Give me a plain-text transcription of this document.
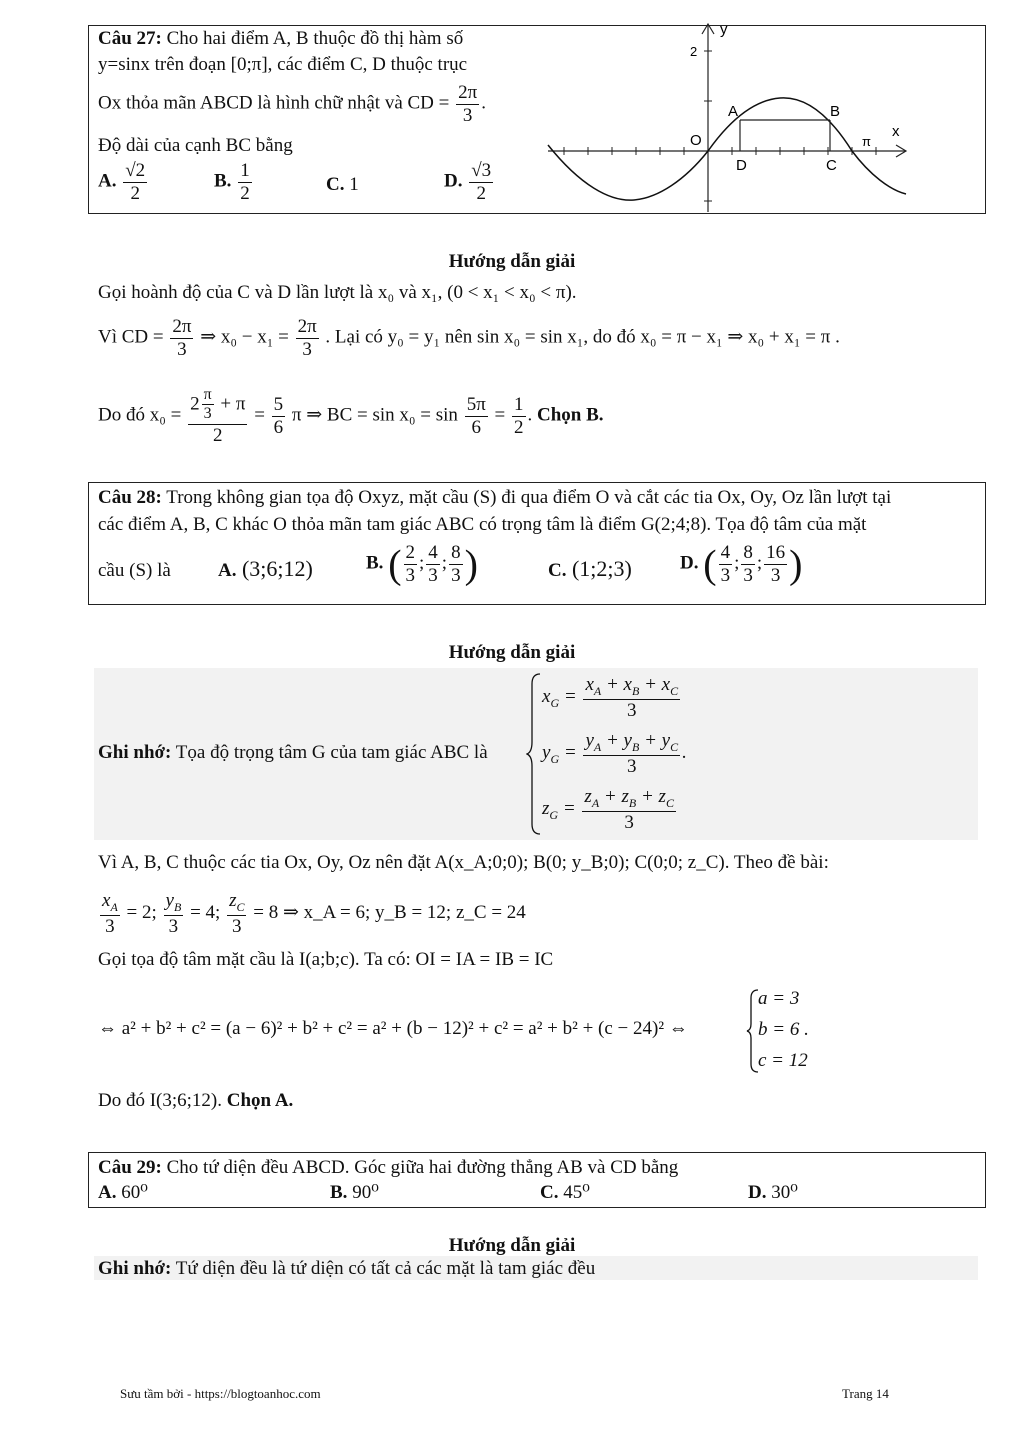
Câu 27: Cho hai điểm A, B thuộc đồ thị hàm số
y=sinx trên đoạn [0;π], các điểm C, D thuộc trục
Ox thỏa mãn ABCD là hình chữ nhật và CD = $\frac{2\pi}{3}$ .
Độ dài của cạnh BC bằng
A. $\frac{√2}{2}$	B. $\frac{1}{2}$	C. 1	D. $\frac{√3}{2}$
y
2
x
O
A	B
C
D
π
Hướng dẫn giải
Gọi hoành độ của C và D lần lượt là x₀ và x₁, (0 < x₁ < x₀ < π).
Vì CD = $\frac{2\pi}{3}$ ⇒ $x_0 - x_1 = \frac{2\pi}{3}$ . Lại có y₀ = y₁ nên sin x₀ = sin x₁, do đó x₀ = π − x₁ ⇒ x₀ + x₁ = π .
Do đó $x_0 = \frac{2 \frac{\pi}{3} + \pi}{2} = \frac{5}{6}$ π ⇒ BC = $\sin x_0 = \sin \frac{5\pi}{6} = \frac{1}{2}$ . Chọn B.
Câu 28: Trong không gian tọa độ Oxyz, mặt cầu (S) đi qua điểm O và cắt các tia Ox, Oy, Oz lần lượt tại
các điểm A, B, C khác O thỏa mãn tam giác ABC có trọng tâm là điểm G(2;4;8). Tọa độ tâm của mặt
cầu (S) là A. (3;6;12)	B. ( $\frac{2}{3}$ ; $\frac{4}{3}$ ; $\frac{8}{3}$ )	C. (1;2;3)	D. ( $\frac{4}{3}$ ; $\frac{8}{3}$ ; $\frac{16}{3}$ )
Hướng dẫn giải
Ghi nhớ: Tọa độ trọng tâm G của tam giác ABC là
$x_G = \frac{x_A + x_B + x_C}{3}$
$y_G = \frac{y_A + y_B + y_C}{3}$ .
$z_G = \frac{z_A + z_B + z_C}{3}$
Vì A, B, C thuộc các tia Ox, Oy, Oz nên đặt A(x_A;0;0); B(0; y_B;0); C(0;0; z_C). Theo đề bài:
$\frac{x_A}{3} = 2$; $\frac{y_B}{3} = 4$; $\frac{z_C}{3} = 8$ ⇒ x_A = 6; y_B = 12; z_C = 24
Gọi tọa độ tâm mặt cầu là I(a;b;c). Ta có: OI = IA = IB = IC
⇔ a² + b² + c² = (a − 6)² + b² + c² = a² + (b − 12)² + c² = a² + b² + (c − 24)² ⇔
a = 3
b = 6 .
c = 12
Do đó I(3;6;12). Chọn A.
Câu 29: Cho tứ diện đều ABCD. Góc giữa hai đường thẳng AB và CD bằng
A. 60⁰	B. 90⁰	C. 45⁰	D. 30⁰
Hướng dẫn giải
Ghi nhớ: Tứ diện đều là tứ diện có tất cả các mặt là tam giác đều
Sưu tầm bởi - https://blogtoanhoc.com	Trang 14
